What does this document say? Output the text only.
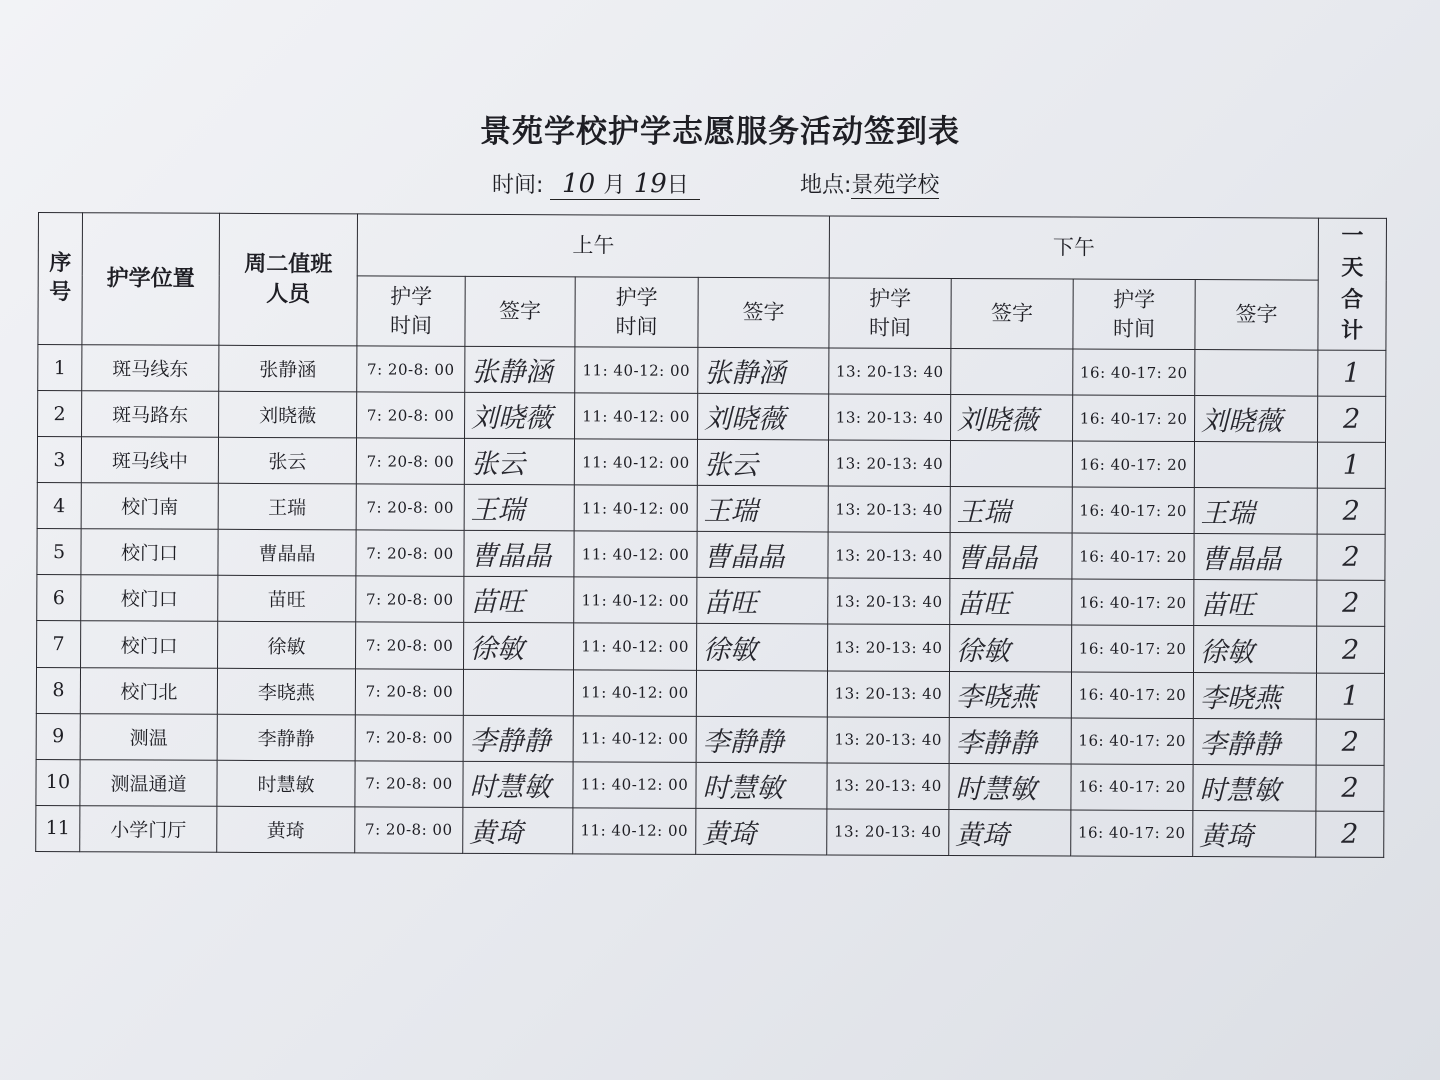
景苑学校护学志愿服务活动签到表
时间: 10 月 19日	地点:景苑学校
序号	护学位置	周二值班人员	上午				下午				一天合计

			护学时间	签字	护学时间	签字	护学时间	签字	护学时间	签字	
1	斑马线东	张静涵	7: 20-8: 00	张静涵	11: 40-12: 00	张静涵	13: 20-13: 40		16: 40-17: 20		1
2	斑马路东	刘晓薇	7: 20-8: 00	刘晓薇	11: 40-12: 00	刘晓薇	13: 20-13: 40	刘晓薇	16: 40-17: 20	刘晓薇	2
3	斑马线中	张云	7: 20-8: 00	张云	11: 40-12: 00	张云	13: 20-13: 40		16: 40-17: 20		1
4	校门南	王瑞	7: 20-8: 00	王瑞	11: 40-12: 00	王瑞	13: 20-13: 40	王瑞	16: 40-17: 20	王瑞	2
5	校门口	曹晶晶	7: 20-8: 00	曹晶晶	11: 40-12: 00	曹晶晶	13: 20-13: 40	曹晶晶	16: 40-17: 20	曹晶晶	2
6	校门口	苗旺	7: 20-8: 00	苗旺	11: 40-12: 00	苗旺	13: 20-13: 40	苗旺	16: 40-17: 20	苗旺	2
7	校门口	徐敏	7: 20-8: 00	徐敏	11: 40-12: 00	徐敏	13: 20-13: 40	徐敏	16: 40-17: 20	徐敏	2
8	校门北	李晓燕	7: 20-8: 00		11: 40-12: 00		13: 20-13: 40	李晓燕	16: 40-17: 20	李晓燕	1
9	测温	李静静	7: 20-8: 00	李静静	11: 40-12: 00	李静静	13: 20-13: 40	李静静	16: 40-17: 20	李静静	2
10	测温通道	时慧敏	7: 20-8: 00	时慧敏	11: 40-12: 00	时慧敏	13: 20-13: 40	时慧敏	16: 40-17: 20	时慧敏	2
11	小学门厅	黄琦	7: 20-8: 00	黄琦	11: 40-12: 00	黄琦	13: 20-13: 40	黄琦	16: 40-17: 20	黄琦	2
